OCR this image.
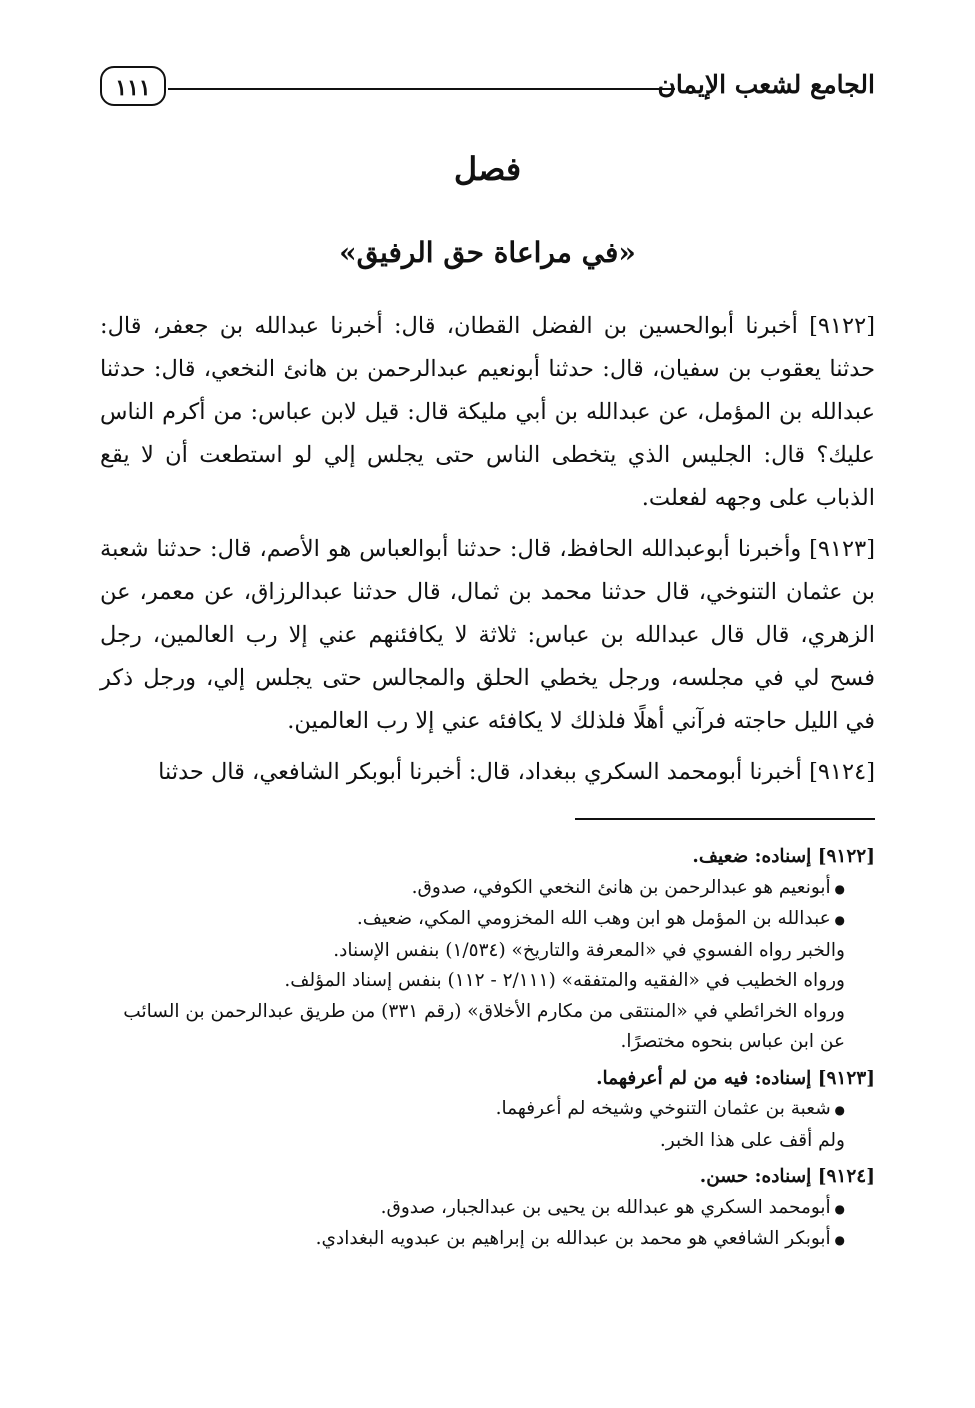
الجامع لشعب الإيمان
١١١
فصل
«في مراعاة حق الرفيق»

[٩١٢٢] أخبرنا أبوالحسين بن الفضل القطان، قال: أخبرنا عبدالله بن جعفر، قال: حدثنا يعقوب بن سفيان، قال: حدثنا أبونعيم عبدالرحمن بن هانئ النخعي، قال: حدثنا عبدالله بن المؤمل، عن عبدالله بن أبي مليكة قال: قيل لابن عباس: من أكرم الناس عليك؟ قال: الجليس الذي يتخطى الناس حتى يجلس إلي لو استطعت أن لا يقع الذباب على وجهه لفعلت.

[٩١٢٣] وأخبرنا أبوعبدالله الحافظ، قال: حدثنا أبوالعباس هو الأصم، قال: حدثنا شعبة بن عثمان التنوخي، قال حدثنا محمد بن ثمال، قال حدثنا عبدالرزاق، عن معمر، عن الزهري، قال قال عبدالله بن عباس: ثلاثة لا يكافئنهم عني إلا رب العالمين، رجل فسح لي في مجلسه، ورجل يخطي الحلق والمجالس حتى يجلس إلي، ورجل ذكر في الليل حاجته فرآني أهلًا فلذلك لا يكافئه عني إلا رب العالمين.

[٩١٢٤] أخبرنا أبومحمد السكري ببغداد، قال: أخبرنا أبوبكر الشافعي، قال حدثنا

[٩١٢٢] إسناده: ضعيف.

● أبونعيم هو عبدالرحمن بن هانئ النخعي الكوفي، صدوق.

● عبدالله بن المؤمل هو ابن وهب الله المخزومي المكي، ضعيف.

والخبر رواه الفسوي في «المعرفة والتاريخ» (١/٥٣٤) بنفس الإسناد.

ورواه الخطيب في «الفقيه والمتفقه» (٢/١١١ - ١١٢) بنفس إسناد المؤلف.

ورواه الخرائطي في «المنتقى من مكارم الأخلاق» (رقم ٣٣١) من طريق عبدالرحمن بن السائب عن ابن عباس بنحوه مختصرًا.

[٩١٢٣] إسناده: فيه من لم أعرفهما.

● شعبة بن عثمان التنوخي وشيخه لم أعرفهما.

ولم أقف على هذا الخبر.

[٩١٢٤] إسناده: حسن.

● أبومحمد السكري هو عبدالله بن يحيى بن عبدالجبار، صدوق.

● أبوبكر الشافعي هو محمد بن عبدالله بن إبراهيم بن عبدويه البغدادي.
